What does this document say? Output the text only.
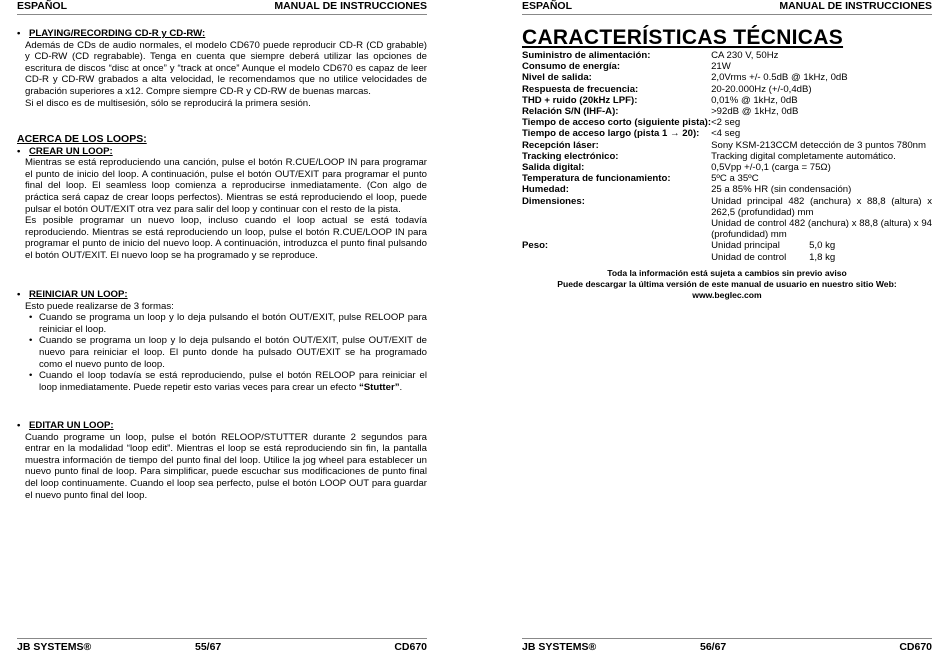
ESPAÑOL	MANUAL DE INSTRUCCIONES
• PLAYING/RECORDING CD-R y CD-RW:
Además de CDs de audio normales, el modelo CD670 puede reproducir CD-R (CD grabable) y CD-RW (CD regrabable). Tenga en cuenta que siempre deberá utilizar las opciones de escritura de discos “disc at once” y “track at once” Aunque el modelo CD670 es capaz de leer CD-R y CD-RW grabados a alta velocidad, le recomendamos que no utilice velocidades de grabación superiores a x12. Compre siempre CD-R y CD-RW de buenas marcas.
Si el disco es de multisesión, sólo se reproducirá la primera sesión.
ACERCA DE LOS LOOPS:
• CREAR UN LOOP:
Mientras se está reproduciendo una canción, pulse el botón R.CUE/LOOP IN para programar el punto de inicio del loop. A continuación, pulse el botón OUT/EXIT para programar el punto final del loop. El seamless loop comienza a reproducirse inmediatamente. (Con algo de práctica será capaz de crear loops perfectos). Mientras se está reproduciendo el loop, puede pulsar el botón OUT/EXIT otra vez para salir del loop y continuar con el resto de la pista.
Es posible programar un nuevo loop, incluso cuando el loop actual se está todavía reproduciendo. Mientras se está reproduciendo un loop, pulse el botón R.CUE/LOOP IN para programar el punto de inicio del nuevo loop. A continuación, introduzca el punto final pulsando el botón OUT/EXIT. El nuevo loop se ha programado y se reproduce.
• REINICIAR UN LOOP:
Esto puede realizarse de 3 formas:
• Cuando se programa un loop y lo deja pulsando el botón OUT/EXIT, pulse RELOOP para reiniciar el loop.
• Cuando se programa un loop y lo deja pulsando el botón OUT/EXIT, pulse OUT/EXIT de nuevo para reiniciar el loop. El punto donde ha pulsado OUT/EXIT se ha programado como el nuevo punto de loop.
• Cuando el loop todavía se está reproduciendo, pulse el botón RELOOP para reiniciar el loop inmediatamente. Puede repetir esto varias veces para crear un efecto “Stutter”.
• EDITAR UN LOOP:
Cuando programe un loop, pulse el botón RELOOP/STUTTER durante 2 segundos para entrar en la modalidad “loop edit”. Mientras el loop se está reproduciendo sin fin, la pantalla muestra información de tiempo del punto final del loop. Utilice la jog wheel para establecer un nuevo punto final de loop. Para simplificar, puede escuchar sus modificaciones de punto final del loop continuamente. Cuando el loop sea perfecto, pulse el botón LOOP OUT para guardar el nuevo punto final del loop.
JB SYSTEMS®	55/67	CD670
ESPAÑOL	MANUAL DE INSTRUCCIONES
CARACTERÍSTICAS TÉCNICAS
Suministro de alimentación:	CA 230 V, 50Hz
Consumo de energía:	21W
Nivel de salida:	2,0Vrms +/- 0.5dB @ 1kHz, 0dB
Respuesta de frecuencia:	20-20.000Hz (+/-0,4dB)
THD + ruido (20kHz LPF):	0,01% @ 1kHz, 0dB
Relación S/N (IHF-A):	>92dB @ 1kHz, 0dB
Tiempo de acceso corto (siguiente pista):	<2 seg
Tiempo de acceso largo (pista 1 → 20):	<4 seg
Recepción láser:	Sony KSM-213CCM detección de 3 puntos 780nm
Tracking electrónico:	Tracking digital completamente automático.
Salida digital:	0,5Vpp +/-0,1 (carga = 75Ω)
Temperatura de funcionamiento:	5ºC a 35ºC
Humedad:	25 a 85% HR (sin condensación)
Dimensiones:	Unidad principal 482 (anchura) x 88,8 (altura) x 262,5 (profundidad) mm
Unidad de control 482 (anchura) x 88,8 (altura) x 94 (profundidad) mm

Peso:	Unidad principal 5,0 kg
Unidad de control 1,8 kg
Toda la información está sujeta a cambios sin previo aviso
Puede descargar la última versión de este manual de usuario en nuestro sitio Web: www.beglec.com
JB SYSTEMS®	56/67	CD670
